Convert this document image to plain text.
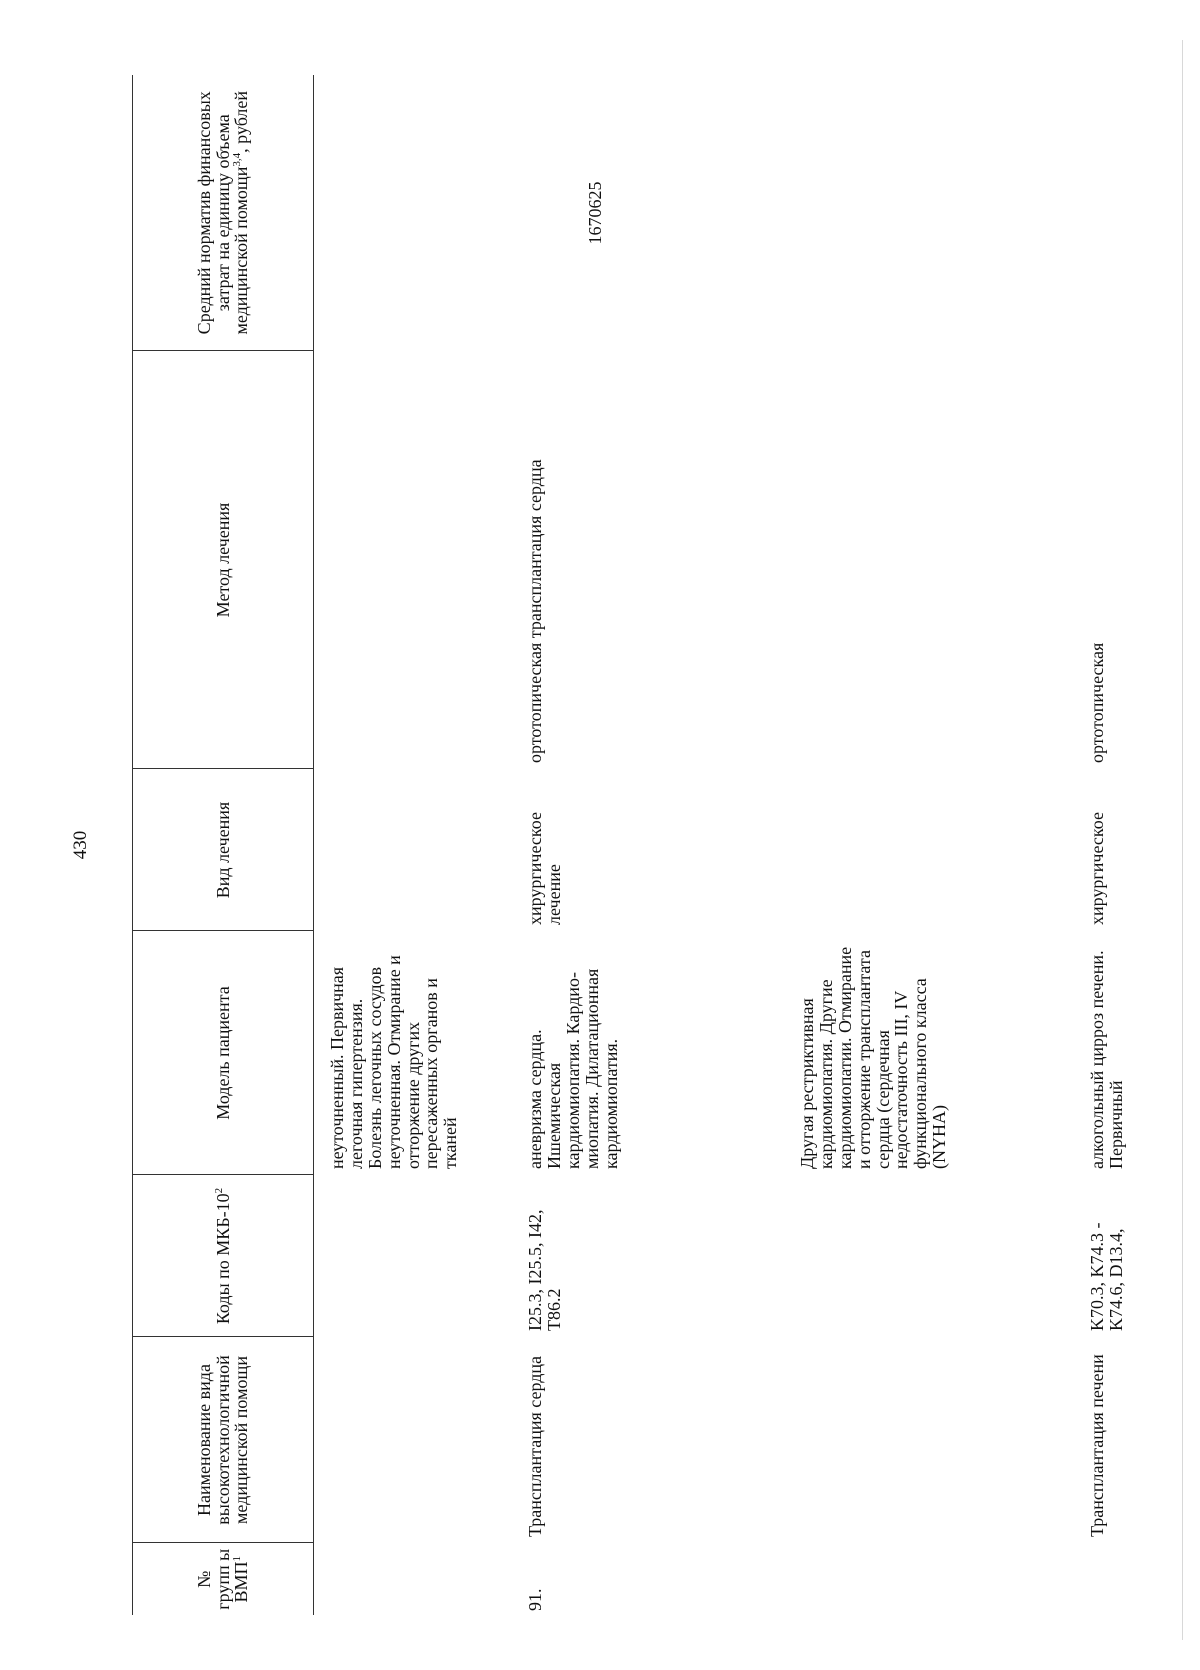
430
№ групп ы ВМП$^1$	Наименование вида высокотехнологичной медицинской помощи	Коды по МКБ-$10^2$	Модель пациента	Вид лечения	Метод лечения	Средний норматив финансовых затрат на единицу объема медицинской помощи$^{3,4}$, рублей

			неуточненный. Первичная легочная гипертензия. Болезнь легочных сосудов неуточненная. Отмирание и отторжение других пересаженных органов и тканей			
91.	Трансплантация сердца	I25.3, I25.5, I42, T86.2	аневризма сердца. Ишемическая кардиомиопатия. Кардио-миопатия. Дилатационная кардиомиопатия.	хирургическое лечение	ортотопическая трансплантация сердца	1670625
			Другая рестриктивная кардиомиопатия. Другие кардиомиопатии. Отмирание и отторжение трансплантата сердца (сердечная недостаточность III, IV функционального класса (NYHA)			
	Трансплантация печени	K70.3, K74.3 - K74.6, D13.4,	алкогольный цирроз печени. Первичный	хирургическое	ортотопическая	
